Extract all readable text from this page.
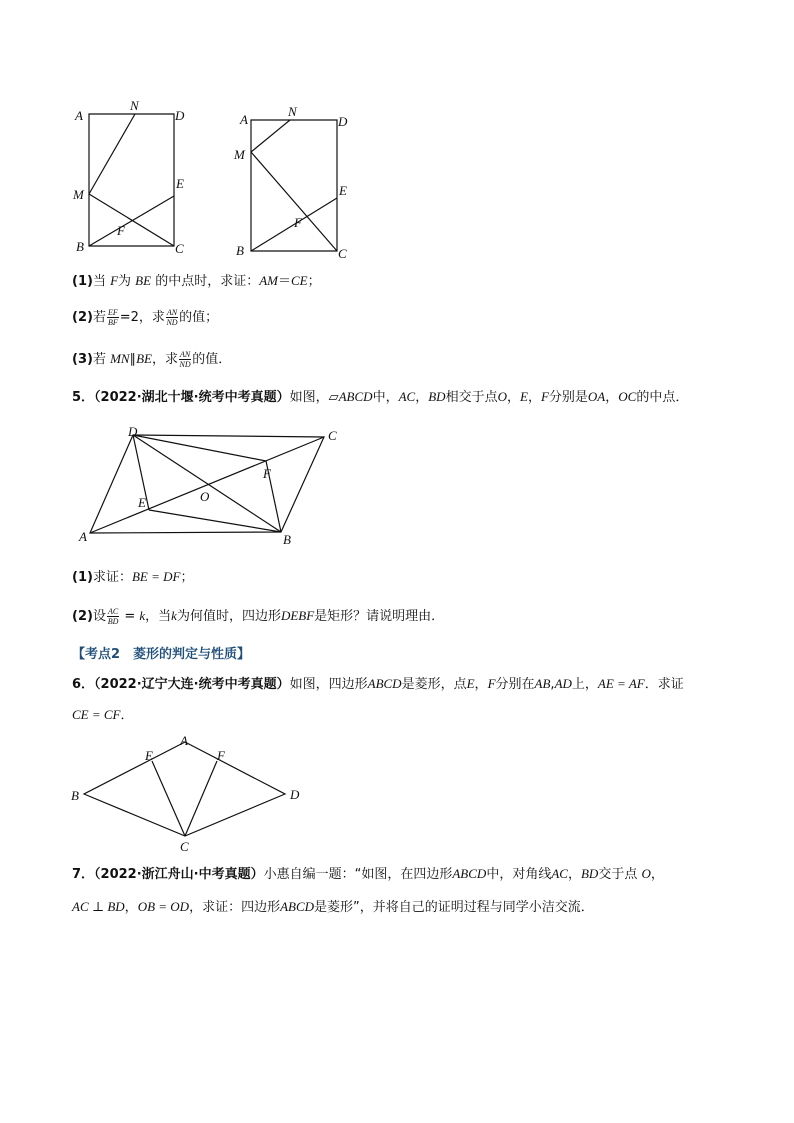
A
N
D
M
E
F
B	C
A
N
D
M
E
F
B	C
(1)当 F为 BE 的中点时，求证：AM＝CE；
(2)若 $\frac{EF}{BF} =2$，求 $\frac{AN}{ND}$ 的值；
(3)若 MN∥BE，求 $\frac{AN}{ND}$ 的值．
5．（2022·湖北十堰·统考中考真题）如图，▱ABCD中，AC，BD相交于点O，E，F分别是OA，OC的中点．
D	C
F
O
E
A	B
(1)求证：BE = DF；
(2)设 $\frac{AC}{BD} = k$，当k为何值时，四边形DEBF是矩形？请说明理由．
【考点2　菱形的判定与性质】
6．（2022·辽宁大连·统考中考真题）如图，四边形ABCD是菱形，点E，F分别在AB,AD上，AE = AF．求证
CE = CF．
E
A
F
B	D
C
7．（2022·浙江舟山·中考真题）小惠自编一题：“如图，在四边形ABCD中，对角线AC，BD交于点 O，
AC ⊥ BD，OB = OD，求证：四边形ABCD是菱形”，并将自己的证明过程与同学小洁交流．
